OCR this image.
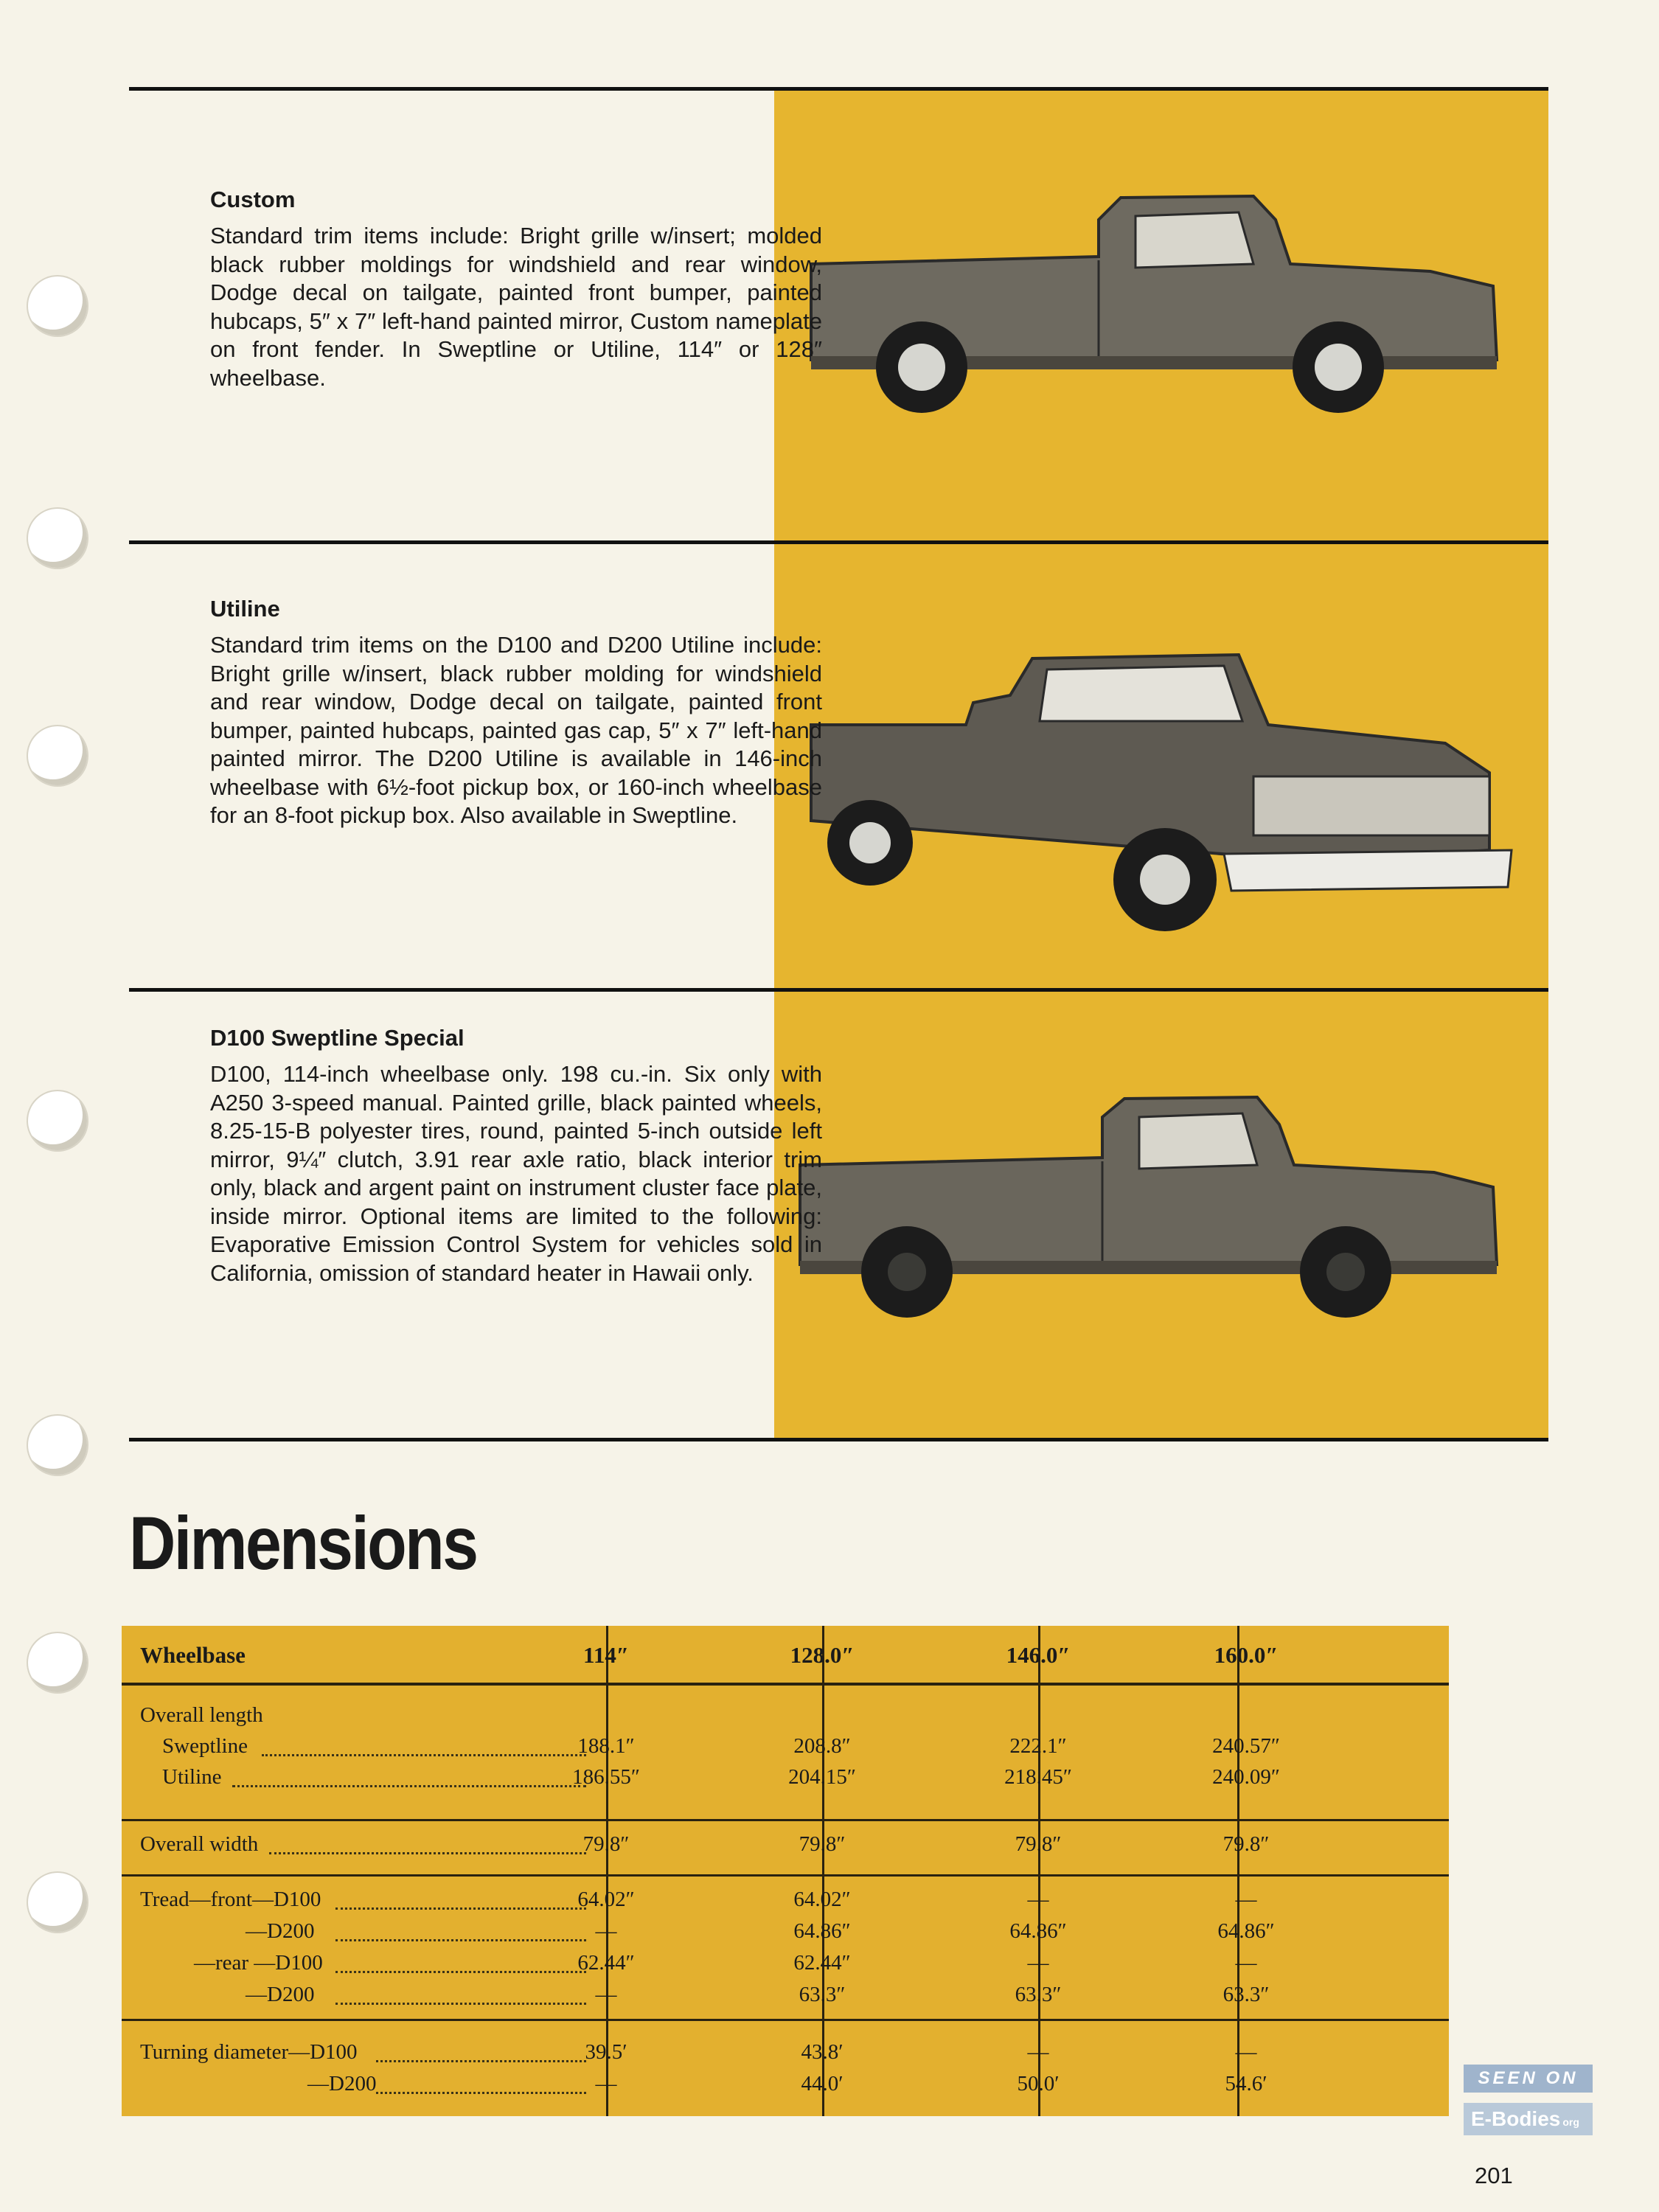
Custom

Standard trim items include: Bright grille w/insert; molded black rubber moldings for windshield and rear window, Dodge decal on tailgate, painted front bumper, painted hubcaps, 5″ x 7″ left-hand painted mirror, Custom nameplate on front fender. In Sweptline or Utiline, 114″ or 128″ wheelbase.

Utiline

Standard trim items on the D100 and D200 Utiline include: Bright grille w/insert, black rubber molding for windshield and rear window, Dodge decal on tailgate, painted front bumper, painted hubcaps, painted gas cap, 5″ x 7″ left-hand painted mirror. The D200 Utiline is available in 146-inch wheelbase with 6½-foot pickup box, or 160-inch wheelbase for an 8-foot pickup box. Also available in Sweptline.

D100 Sweptline Special

D100, 114-inch wheelbase only. 198 cu.-in. Six only with A250 3-speed manual. Painted grille, black painted wheels, 8.25-15-B polyester tires, round, painted 5-inch outside left mirror, 9¼″ clutch, 3.91 rear axle ratio, black interior trim only, black and argent paint on instrument cluster face plate, inside mirror. Optional items are limited to the following: Evaporative Emission Control System for vehicles sold in California, omission of standard heater in Hawaii only.

Dimensions
Wheelbase	114″	128.0″	146.0″	160.0″
Overall length
Sweptline	188.1″	208.8″	222.1″	240.57″
Utiline	186.55″	204.15″	218.45″	240.09″
Overall width	79.8″	79.8″	79.8″	79.8″
Tread—front—D100	64.02″	64.02″	—	—
—D200	—	64.86″	64.86″	64.86″
—rear —D100	62.44″	62.44″	—	—
—D200	—	63.3″	63.3″	63.3″
Turning diameter—D100	39.5′	43.8′	—	—
—D200	—	44.0′	50.0′	54.6′	SEEN ON
E-Bodies org
201
